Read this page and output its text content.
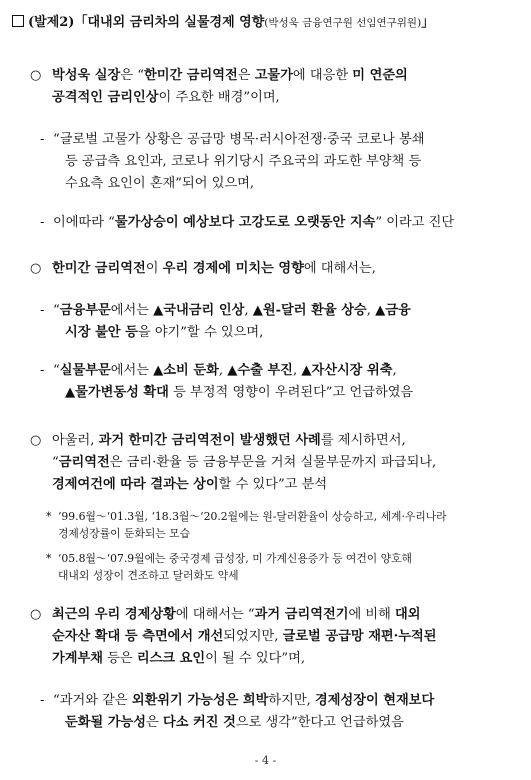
(발제2)「대내외 금리차의 실물경제 영향(박성욱 금융연구원 선임연구위원)」
○ 박성욱 실장은 “한미간 금리역전은 고물가에 대응한 미 연준의
공격적인 금리인상이 주요한 배경”이며,
- “글로벌 고물가 상황은 공급망 병목·러시아전쟁·중국 코로나 봉쇄
등 공급측 요인과, 코로나 위기당시 주요국의 과도한 부양책 등
수요측 요인이 혼재”되어 있으며,
- 이에따라 “물가상승이 예상보다 고강도로 오랫동안 지속” 이라고 진단
○ 한미간 금리역전이 우리 경제에 미치는 영향에 대해서는,
- “금융부문에서는 ▲국내금리 인상, ▲원-달러 환율 상승, ▲금융
시장 불안 등을 야기”할 수 있으며,
- “실물부문에서는 ▲소비 둔화, ▲수출 부진, ▲자산시장 위축,
▲물가변동성 확대 등 부정적 영향이 우려된다”고 언급하였음
○ 아울러, 과거 한미간 금리역전이 발생했던 사례를 제시하면서,
“금리역전은 금리·환율 등 금융부문을 거쳐 실물부문까지 파급되나,
경제여건에 따라 결과는 상이할 수 있다”고 분석
* ‘99.6월～‘01.3월, ‘18.3월～‘20.2월에는 원-달러환율이 상승하고, 세계·우리나라
경제성장률이 둔화되는 모습
* ‘05.8월～‘07.9월에는 중국경제 급성장, 미 가계신용증가 등 여건이 양호해
대내외 성장이 견조하고 달러화도 약세
○ 최근의 우리 경제상황에 대해서는 “과거 금리역전기에 비해 대외
순자산 확대 등 측면에서 개선되었지만, 글로벌 공급망 재편·누적된
가계부채 등은 리스크 요인이 될 수 있다”며,
- “과거와 같은 외환위기 가능성은 희박하지만, 경제성장이 현재보다
둔화될 가능성은 다소 커진 것으로 생각”한다고 언급하였음
- 4 -
